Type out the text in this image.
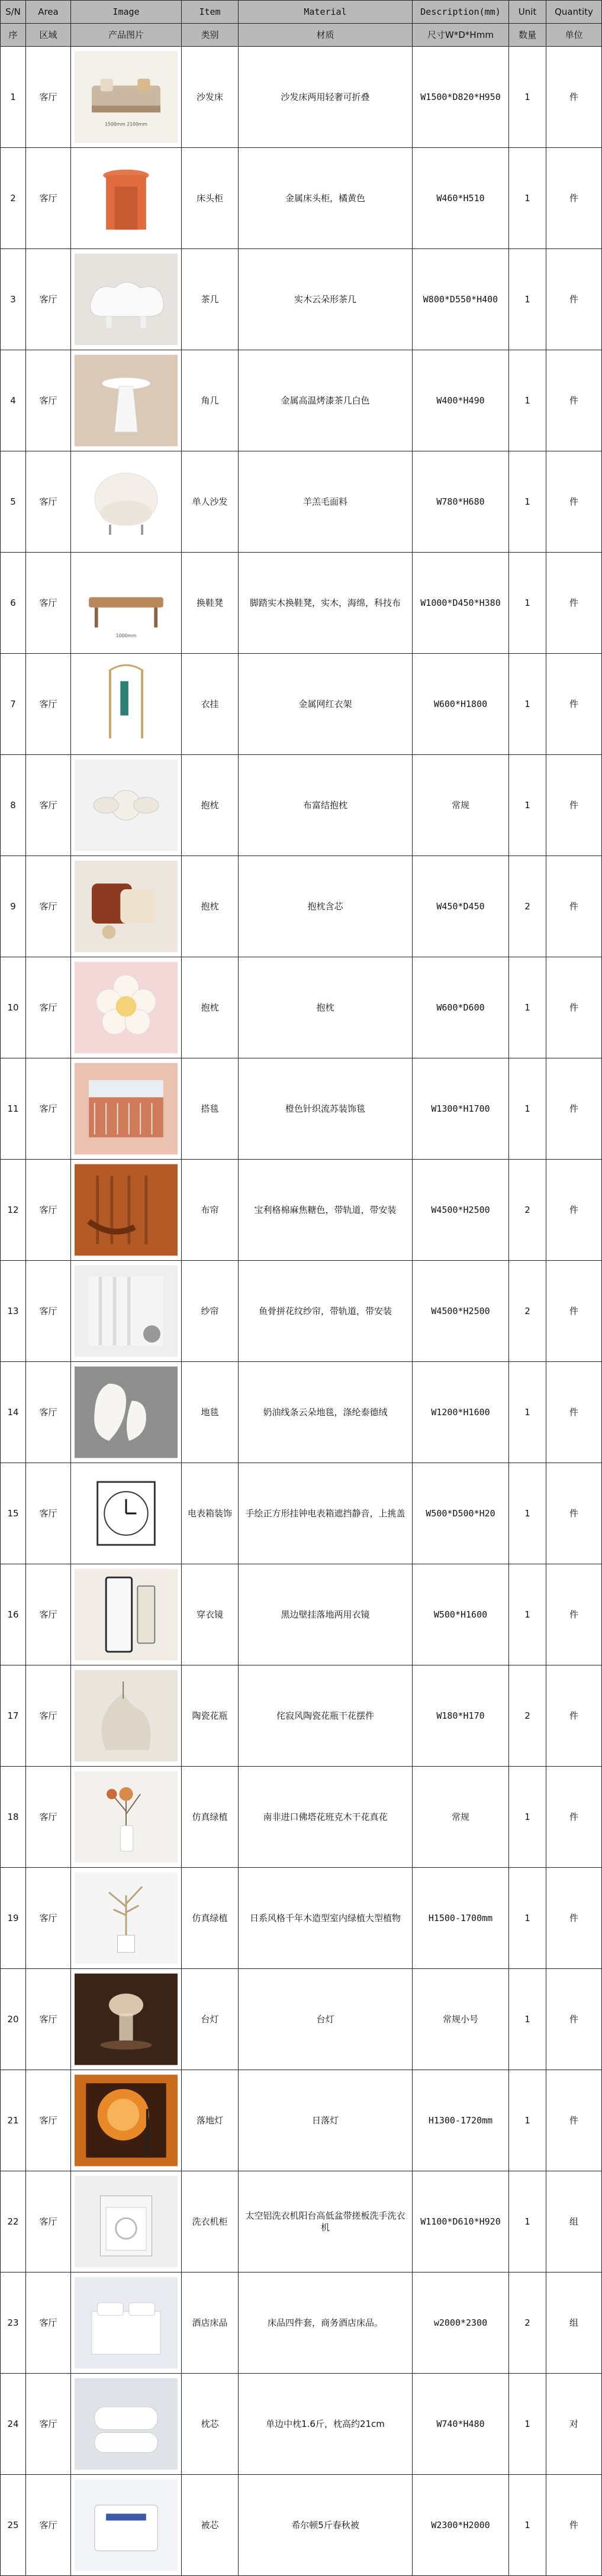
S/N	Area	Image	Item	Material	Description(mm)	Unit	Quantity
序	区域	产品图片	类别	材质	尺寸W*D*Hmm	数量	单位
1	客厅	1500mm 2100mm	沙发床	沙发床两用轻奢可折叠	W1500*D820*H950	1	件
2	客厅		床头柜	金属床头柜，橘黄色	W460*H510	1	件
3	客厅		茶几	实木云朵形茶几	W800*D550*H400	1	件
4	客厅		角几	金属高温烤漆茶几白色	W400*H490	1	件
5	客厅		单人沙发	羊羔毛面料	W780*H680	1	件
6	客厅	1000mm	换鞋凳	脚踏实木换鞋凳，实木，海绵，科技布	W1000*D450*H380	1	件
7	客厅		衣挂	金属网红衣架	W600*H1800	1	件
8	客厅		抱枕	布富结抱枕	常规	1	件
9	客厅		抱枕	抱枕含芯	W450*D450	2	件
10	客厅		抱枕	抱枕	W600*D600	1	件
11	客厅		搭毯	橙色针织流苏装饰毯	W1300*H1700	1	件
12	客厅		布帘	宝利格棉麻焦糖色，带轨道，带安装	W4500*H2500	2	件
13	客厅		纱帘	鱼骨拼花纹纱帘，带轨道，带安装	W4500*H2500	2	件
14	客厅		地毯	奶油线条云朵地毯，涤纶泰德绒	W1200*H1600	1	件
15	客厅		电表箱装饰	手绘正方形挂钟电表箱遮挡静音，上挑盖	W500*D500*H20	1	件
16	客厅		穿衣镜	黑边壁挂落地两用衣镜	W500*H1600	1	件
17	客厅		陶瓷花瓶	侘寂风陶瓷花瓶干花摆件	W180*H170	2	件
18	客厅		仿真绿植	南非进口佛塔花班克木干花真花	常规	1	件
19	客厅		仿真绿植	日系风格千年木造型室内绿植大型植物	H1500-1700mm	1	件
20	客厅		台灯	台灯	常规小号	1	件
21	客厅		落地灯	日落灯	H1300-1720mm	1	件
22	客厅		洗衣机柜	太空铝洗衣机阳台高低盆带搓板洗手洗衣机	W1100*D610*H920	1	组
23	客厅		酒店床品	床品四件套，商务酒店床品。	w2000*2300	2	组
24	客厅		枕芯	单边中枕1.6斤，枕高约21cm	W740*H480	1	对
25	客厅		被芯	希尔顿5斤春秋被	W2300*H2000	1	件
